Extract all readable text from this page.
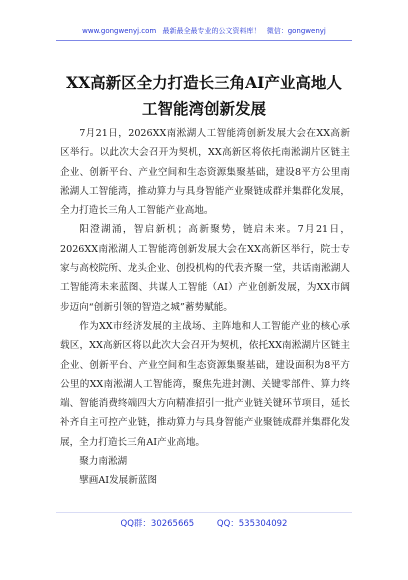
www.gongwenyj.com 最新最全最专业的公文资料库！ 微信：gongwenyj
XX高新区全力打造长三角AI产业高地人
工智能湾创新发展

7月21日，2026XX南淞湖人工智能湾创新发展大会在XX高新区举行。以此次大会召开为契机，XX高新区将依托南淞湖片区链主企业、创新平台、产业空间和生态资源集聚基础，建设8平方公里南淞湖人工智能湾，推动算力与具身智能产业聚链成群并集群化发展，全力打造长三角人工智能产业高地。

阳澄湖涌，智启新机；高新聚势，链启未来。7月21日，2026XX南淞湖人工智能湾创新发展大会在XX高新区举行，院士专家与高校院所、龙头企业、创投机构的代表齐聚一堂，共话南淞湖人工智能湾未来蓝图、共谋人工智能（AI）产业创新发展，为XX市阔步迈向“创新引领的智造之城”蓄势赋能。

作为XX市经济发展的主战场、主阵地和人工智能产业的核心承载区，XX高新区将以此次大会召开为契机，依托XX南淞湖片区链主企业、创新平台、产业空间和生态资源集聚基础，建设面积为8平方公里的XX南淞湖人工智能湾，聚焦先进封测、关键零部件、算力终端、智能消费终端四大方向精准招引一批产业链关键环节项目，延长补齐自主可控产业链，推动算力与具身智能产业聚链成群并集群化发展，全力打造长三角AI产业高地。

聚力南淞湖

擘画AI发展新蓝图

QQ群：30265665	QQ：535304092
